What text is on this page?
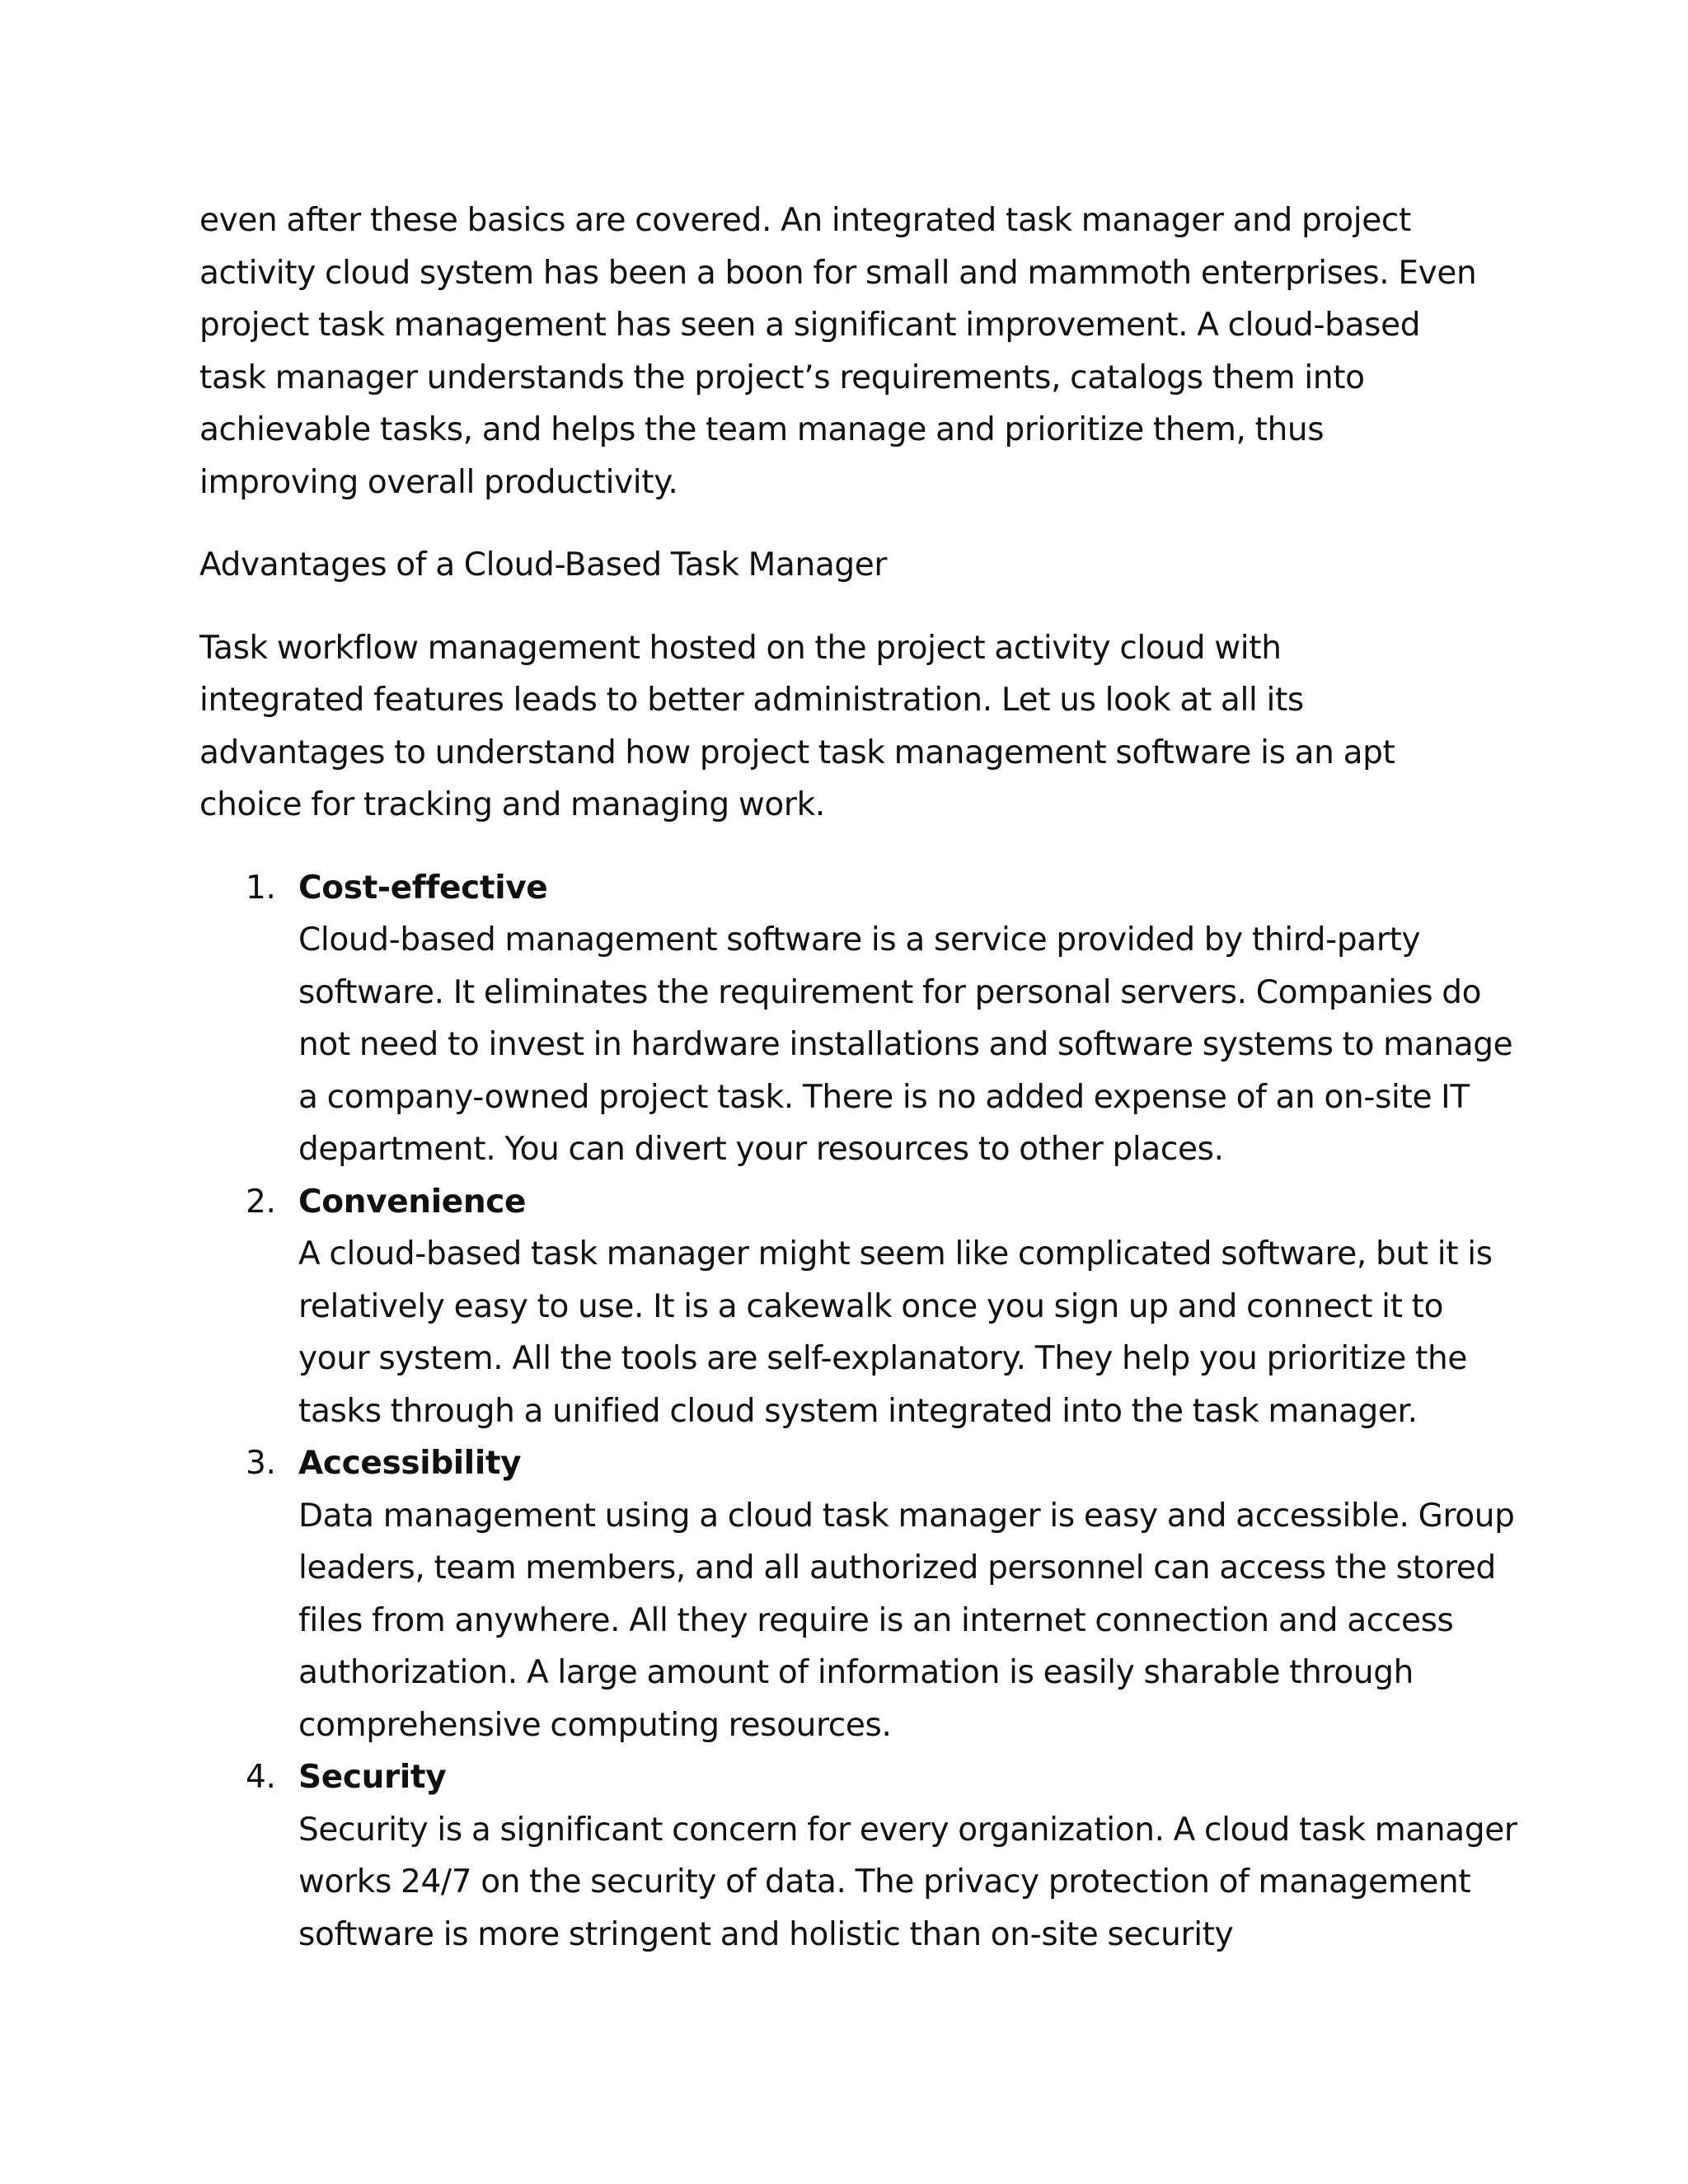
even after these basics are covered. An integrated task manager and project activity cloud system has been a boon for small and mammoth enterprises. Even project task management has seen a significant improvement. A cloud-based task manager understands the project’s requirements, catalogs them into achievable tasks, and helps the team manage and prioritize them, thus improving overall productivity.

Advantages of a Cloud-Based Task Manager

Task workflow management hosted on the project activity cloud with integrated features leads to better administration. Let us look at all its advantages to understand how project task management software is an apt choice for tracking and managing work.

1. Cost-effective
Cloud-based management software is a service provided by third-party software. It eliminates the requirement for personal servers. Companies do not need to invest in hardware installations and software systems to manage a company-owned project task. There is no added expense of an on-site IT department. You can divert your resources to other places.
2. Convenience
A cloud-based task manager might seem like complicated software, but it is relatively easy to use. It is a cakewalk once you sign up and connect it to your system. All the tools are self-explanatory. They help you prioritize the tasks through a unified cloud system integrated into the task manager.
3. Accessibility
Data management using a cloud task manager is easy and accessible. Group leaders, team members, and all authorized personnel can access the stored files from anywhere. All they require is an internet connection and access authorization. A large amount of information is easily sharable through comprehensive computing resources.
4. Security
Security is a significant concern for every organization. A cloud task manager works 24/7 on the security of data. The privacy protection of management software is more stringent and holistic than on-site security
